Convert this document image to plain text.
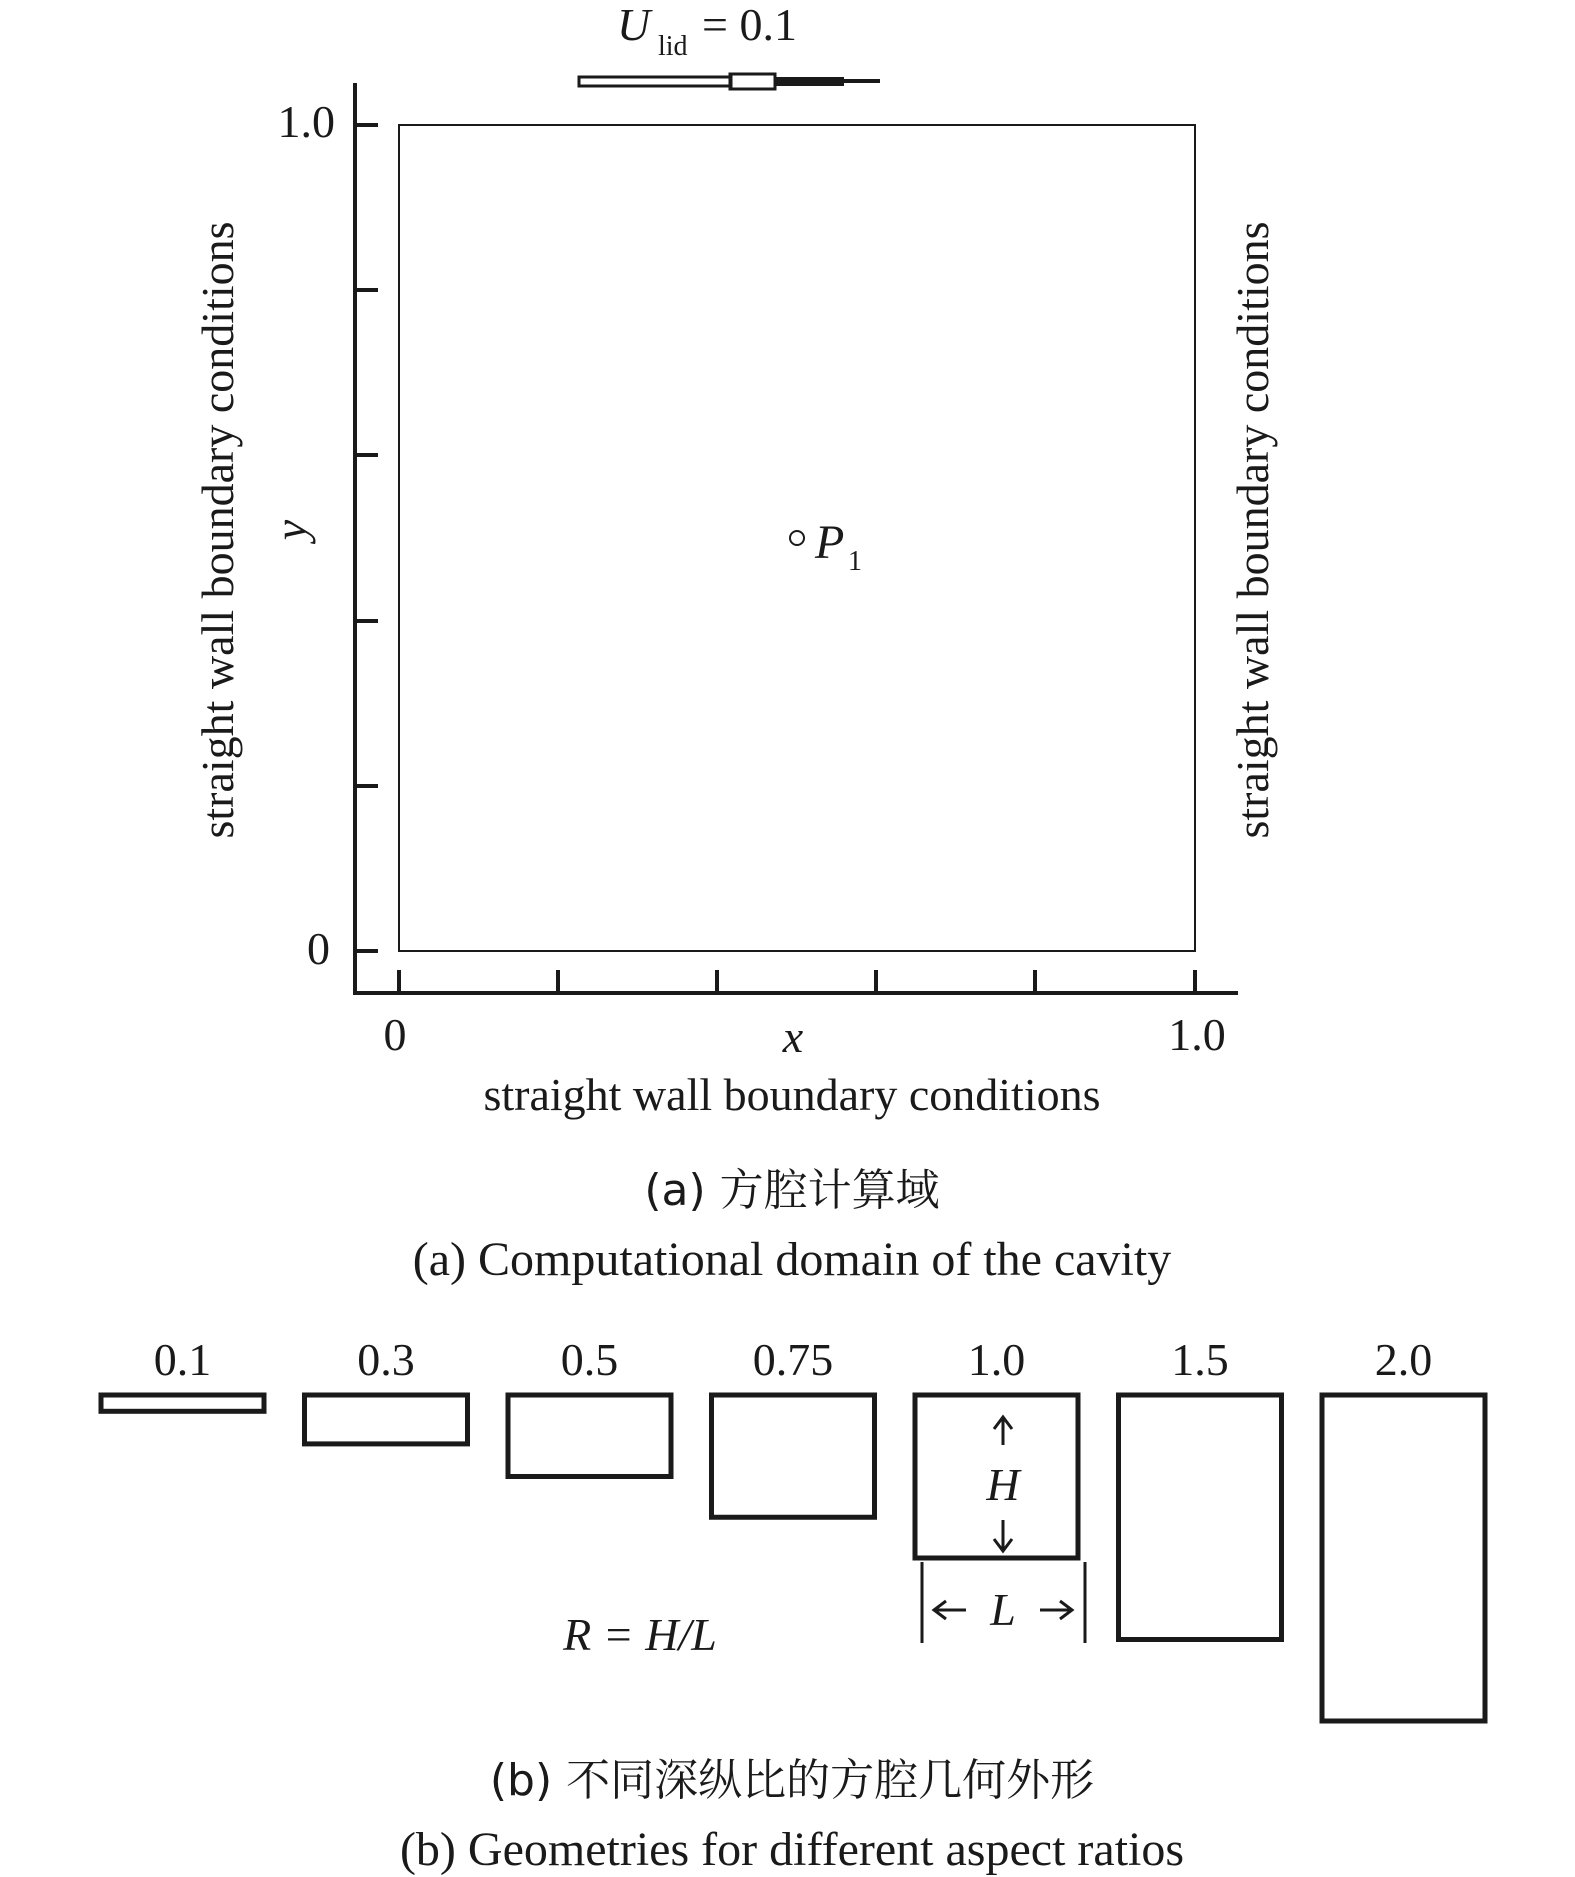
U lid = 0.1
1.0
0
y
0	x	1.0
straight wall boundary conditions	straight wall boundary conditions
straight wall boundary conditions
P 1
(a) 方腔计算域
(a) Computational domain of the cavity
0.1	0.3	0.5	0.75	1.0	1.5	2.0
H
L
R = H/L
(b) 不同深纵比的方腔几何外形
(b) Geometries for different aspect ratios
